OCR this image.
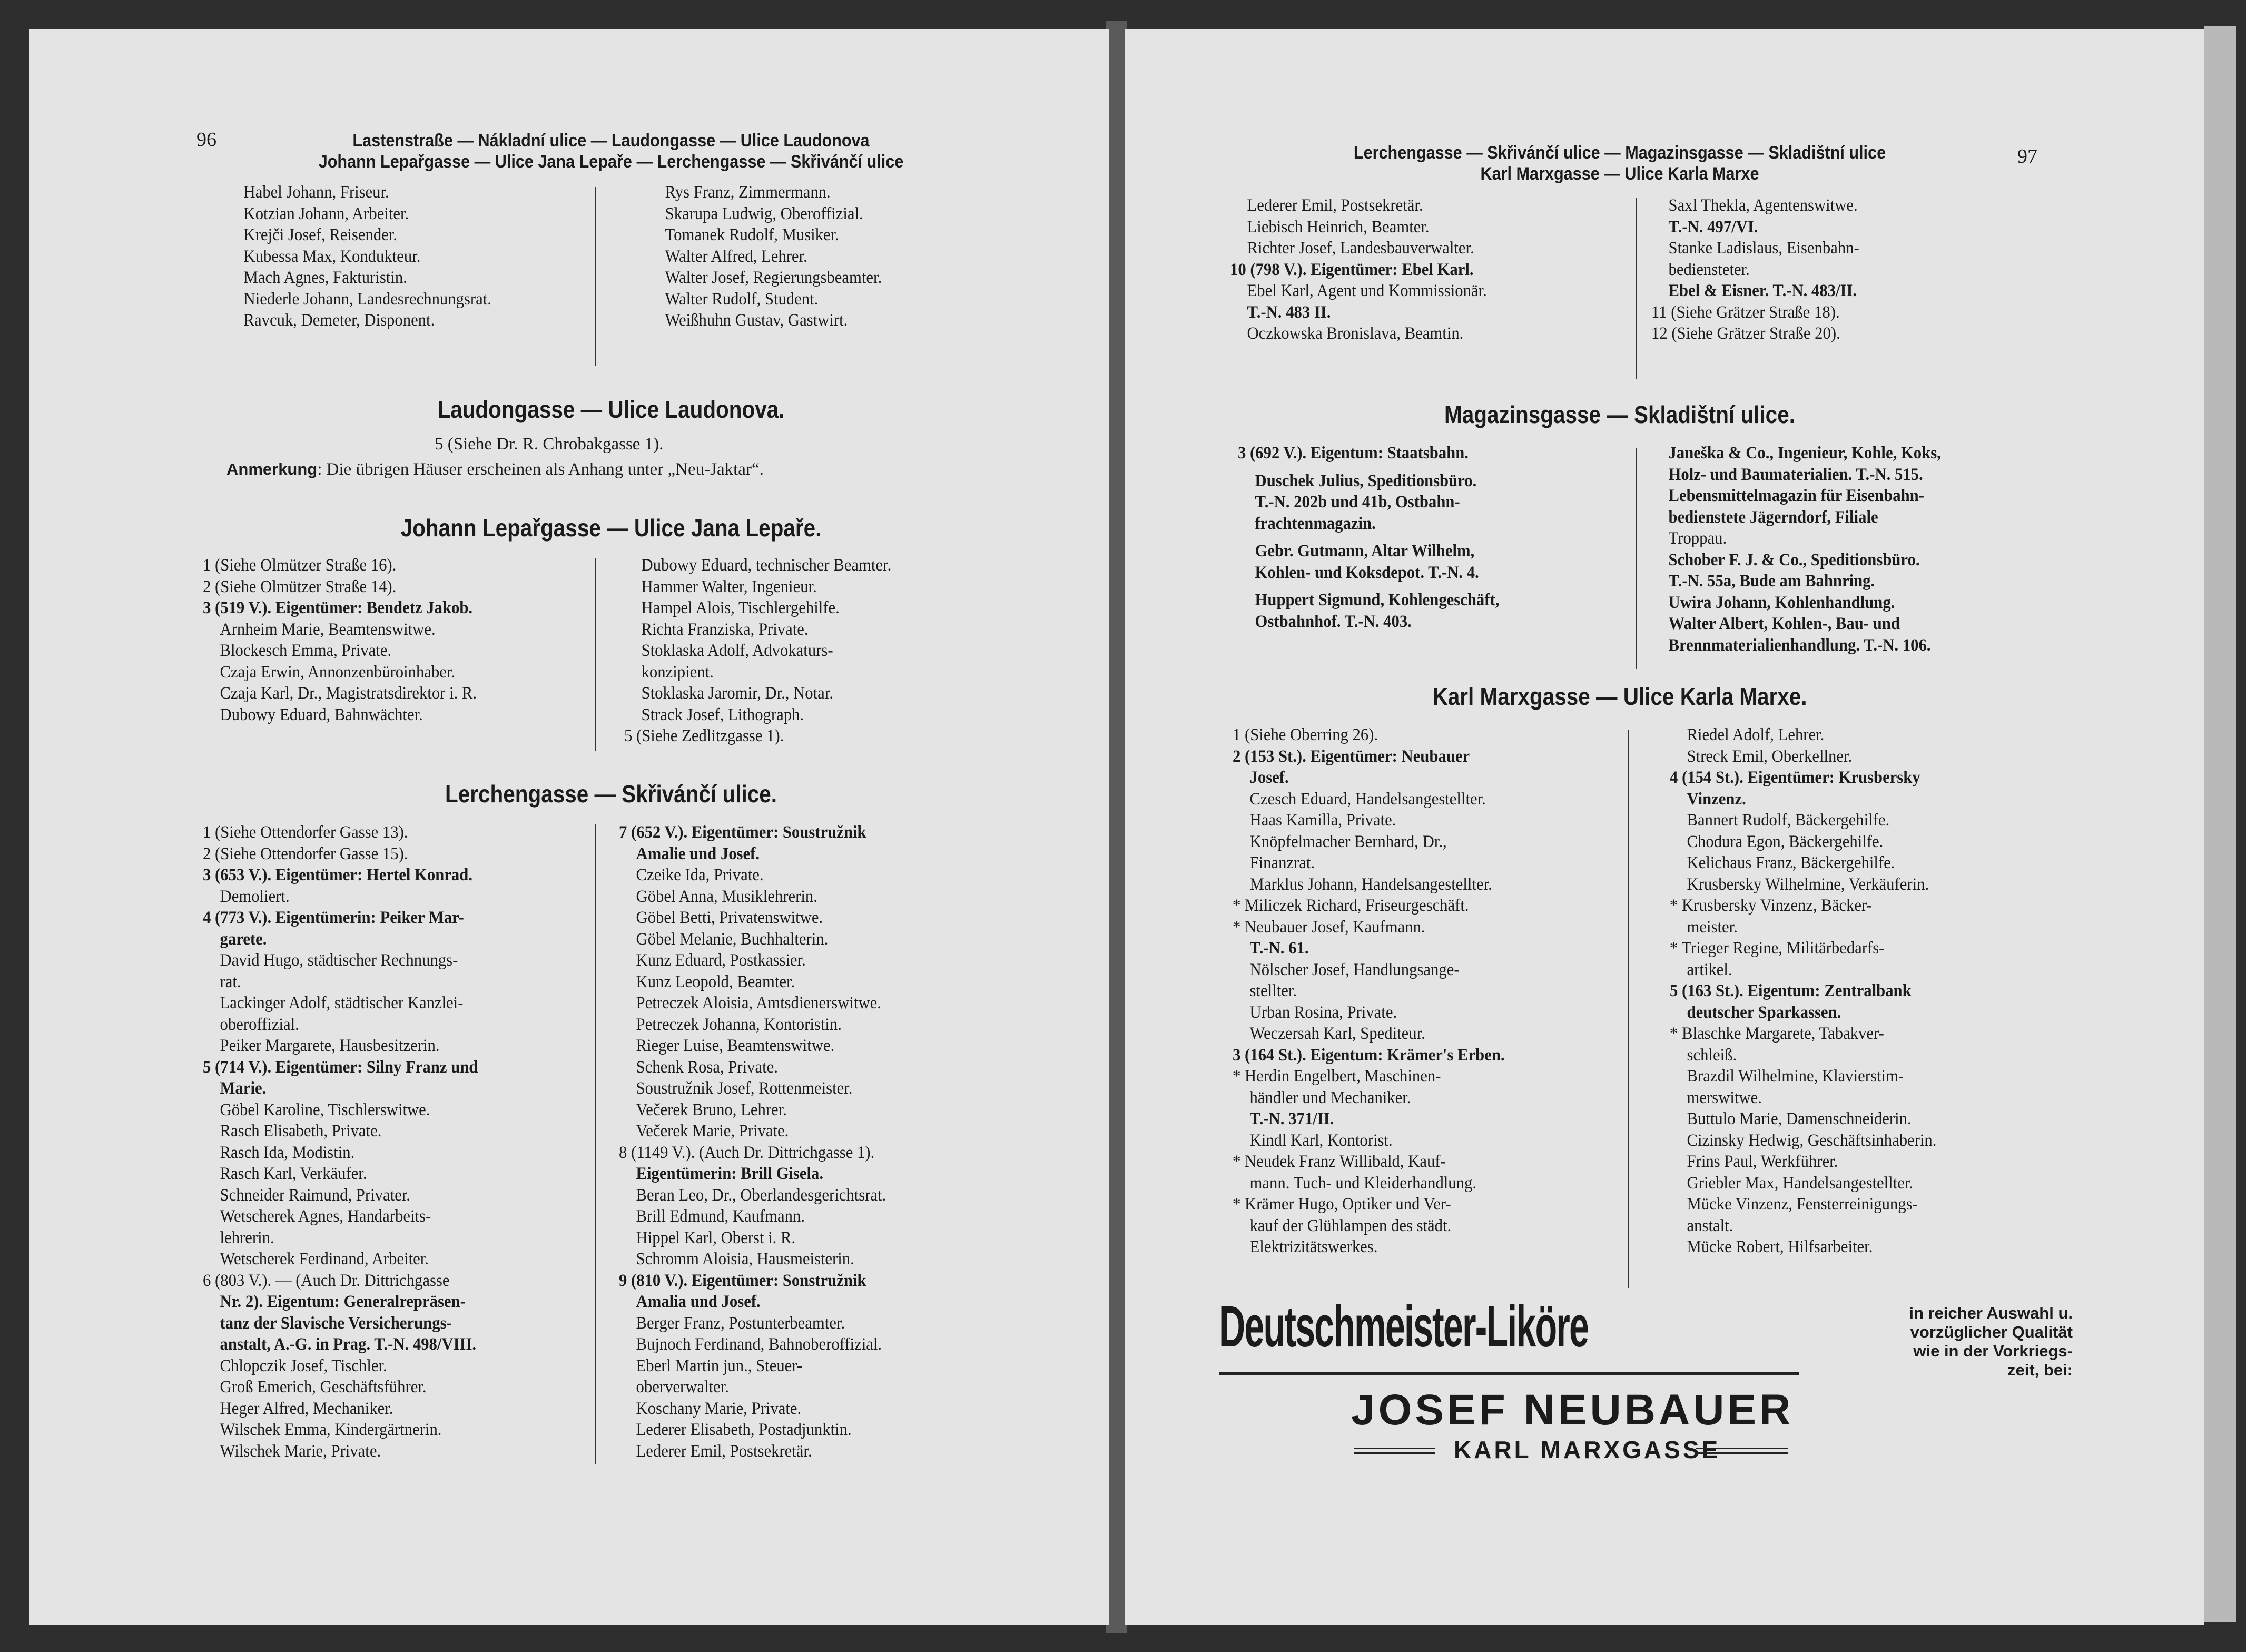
96	Lastenstraße — Nákladní ulice — Laudongasse — Ulice Laudonova
Johann Lepařgasse — Ulice Jana Lepaře — Lerchengasse — Skřivánčí ulice
Habel Johann, Friseur.
Kotzian Johann, Arbeiter.
Krejči Josef, Reisender.
Kubessa Max, Kondukteur.
Mach Agnes, Fakturistin.
Niederle Johann, Landesrechnungsrat.
Ravcuk, Demeter, Disponent.
Rys Franz, Zimmermann.
Skarupa Ludwig, Oberoffizial.
Tomanek Rudolf, Musiker.
Walter Alfred, Lehrer.
Walter Josef, Regierungsbeamter.
Walter Rudolf, Student.
Weißhuhn Gustav, Gastwirt.
Laudongasse — Ulice Laudonova.
5 (Siehe Dr. R. Chrobakgasse 1).
Anmerkung: Die übrigen Häuser erscheinen als Anhang unter „Neu-Jaktar“.
Johann Lepařgasse — Ulice Jana Lepaře.
1 (Siehe Olmützer Straße 16).
2 (Siehe Olmützer Straße 14).
3 (519 V.). Eigentümer: Bendetz Jakob.
Arnheim Marie, Beamtenswitwe.
Blockesch Emma, Private.
Czaja Erwin, Annonzenbüroinhaber.
Czaja Karl, Dr., Magistratsdirektor i. R.
Dubowy Eduard, Bahnwächter.
Dubowy Eduard, technischer Beamter.
Hammer Walter, Ingenieur.
Hampel Alois, Tischlergehilfe.
Richta Franziska, Private.
Stoklaska Adolf, Advokaturs-
konzipient.
Stoklaska Jaromir, Dr., Notar.
Strack Josef, Lithograph.
5 (Siehe Zedlitzgasse 1).
Lerchengasse — Skřivánčí ulice.
1 (Siehe Ottendorfer Gasse 13).
2 (Siehe Ottendorfer Gasse 15).
3 (653 V.). Eigentümer: Hertel Konrad.
Demoliert.
4 (773 V.). Eigentümerin: Peiker Mar-
garete.
David Hugo, städtischer Rechnungs-
rat.
Lackinger Adolf, städtischer Kanzlei-
oberoffizial.
Peiker Margarete, Hausbesitzerin.
5 (714 V.). Eigentümer: Silny Franz und
Marie.
Göbel Karoline, Tischlerswitwe.
Rasch Elisabeth, Private.
Rasch Ida, Modistin.
Rasch Karl, Verkäufer.
Schneider Raimund, Privater.
Wetscherek Agnes, Handarbeits-
lehrerin.
Wetscherek Ferdinand, Arbeiter.
6 (803 V.). — (Auch Dr. Dittrichgasse
Nr. 2). Eigentum: Generalrepräsen-
tanz der Slavische Versicherungs-
anstalt, A.-G. in Prag. T.-N. 498/VIII.
Chlopczik Josef, Tischler.
Groß Emerich, Geschäftsführer.
Heger Alfred, Mechaniker.
Wilschek Emma, Kindergärtnerin.
Wilschek Marie, Private.
7 (652 V.). Eigentümer: Soustružnik
Amalie und Josef.
Czeike Ida, Private.
Göbel Anna, Musiklehrerin.
Göbel Betti, Privatenswitwe.
Göbel Melanie, Buchhalterin.
Kunz Eduard, Postkassier.
Kunz Leopold, Beamter.
Petreczek Aloisia, Amtsdienerswitwe.
Petreczek Johanna, Kontoristin.
Rieger Luise, Beamtenswitwe.
Schenk Rosa, Private.
Soustružnik Josef, Rottenmeister.
Večerek Bruno, Lehrer.
Večerek Marie, Private.
8 (1149 V.). (Auch Dr. Dittrichgasse 1).
Eigentümerin: Brill Gisela.
Beran Leo, Dr., Oberlandesgerichtsrat.
Brill Edmund, Kaufmann.
Hippel Karl, Oberst i. R.
Schromm Aloisia, Hausmeisterin.
9 (810 V.). Eigentümer: Sonstružnik
Amalia und Josef.
Berger Franz, Postunterbeamter.
Bujnoch Ferdinand, Bahnoberoffizial.
Eberl Martin jun., Steuer-
oberverwalter.
Koschany Marie, Private.
Lederer Elisabeth, Postadjunktin.
Lederer Emil, Postsekretär.
Lerchengasse — Skřivánčí ulice — Magazinsgasse — Skladištní ulice
Karl Marxgasse — Ulice Karla Marxe
97
Lederer Emil, Postsekretär.
Liebisch Heinrich, Beamter.
Richter Josef, Landesbauverwalter.
10 (798 V.). Eigentümer: Ebel Karl.
Ebel Karl, Agent und Kommissionär.
T.-N. 483 II.
Oczkowska Bronislava, Beamtin.
Saxl Thekla, Agentenswitwe.
T.-N. 497/VI.
Stanke Ladislaus, Eisenbahn-
bediensteter.
Ebel & Eisner. T.-N. 483/II.
11 (Siehe Grätzer Straße 18).
12 (Siehe Grätzer Straße 20).
Magazinsgasse — Skladištní ulice.
3 (692 V.). Eigentum: Staatsbahn.
Duschek Julius, Speditionsbüro.
T.-N. 202b und 41b, Ostbahn-
frachtenmagazin.
Gebr. Gutmann, Altar Wilhelm,
Kohlen- und Koksdepot. T.-N. 4.
Huppert Sigmund, Kohlengeschäft,
Ostbahnhof. T.-N. 403.
Janeška & Co., Ingenieur, Kohle, Koks,
Holz- und Baumaterialien. T.-N. 515.
Lebensmittelmagazin für Eisenbahn-
bedienstete Jägerndorf, Filiale
Troppau.
Schober F. J. & Co., Speditionsbüro.
T.-N. 55a, Bude am Bahnring.
Uwira Johann, Kohlenhandlung.
Walter Albert, Kohlen-, Bau- und
Brennmaterialienhandlung. T.-N. 106.
Karl Marxgasse — Ulice Karla Marxe.
1 (Siehe Oberring 26).
2 (153 St.). Eigentümer: Neubauer
Josef.
Czesch Eduard, Handelsangestellter.
Haas Kamilla, Private.
Knöpfelmacher Bernhard, Dr.,
Finanzrat.
Marklus Johann, Handelsangestellter.
* Miliczek Richard, Friseurgeschäft.
* Neubauer Josef, Kaufmann.
T.-N. 61.
Nölscher Josef, Handlungsange-
stellter.
Urban Rosina, Private.
Weczersah Karl, Spediteur.
3 (164 St.). Eigentum: Krämer's Erben.
* Herdin Engelbert, Maschinen-
händler und Mechaniker.
T.-N. 371/II.
Kindl Karl, Kontorist.
* Neudek Franz Willibald, Kauf-
mann. Tuch- und Kleiderhandlung.
* Krämer Hugo, Optiker und Ver-
kauf der Glühlampen des städt.
Elektrizitätswerkes.
Riedel Adolf, Lehrer.
Streck Emil, Oberkellner.
4 (154 St.). Eigentümer: Krusbersky
Vinzenz.
Bannert Rudolf, Bäckergehilfe.
Chodura Egon, Bäckergehilfe.
Kelichaus Franz, Bäckergehilfe.
Krusbersky Wilhelmine, Verkäuferin.
* Krusbersky Vinzenz, Bäcker-
meister.
* Trieger Regine, Militärbedarfs-
artikel.
5 (163 St.). Eigentum: Zentralbank
deutscher Sparkassen.
* Blaschke Margarete, Tabakver-
schleiß.
Brazdil Wilhelmine, Klavierstim-
merswitwe.
Buttulo Marie, Damenschneiderin.
Cizinsky Hedwig, Geschäftsinhaberin.
Frins Paul, Werkführer.
Griebler Max, Handelsangestellter.
Mücke Vinzenz, Fensterreinigungs-
anstalt.
Mücke Robert, Hilfsarbeiter.
Deutschmeister-Liköre	in reicher Auswahl u.
vorzüglicher Qualität
wie in der Vorkriegs-
zeit, bei:
JOSEF NEUBAUER
KARL MARXGASSE
